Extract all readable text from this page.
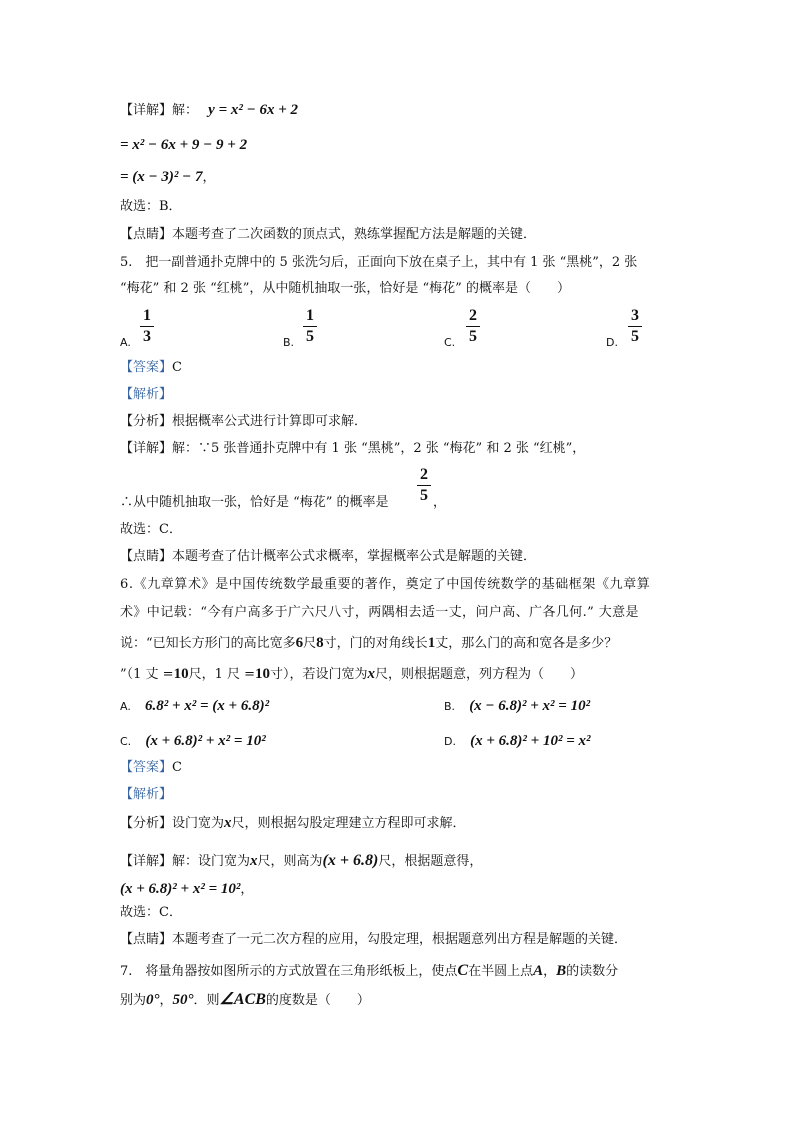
【详解】解： y = x² − 6x + 2
= x² − 6x + 9 − 9 + 2
= (x − 3)² − 7，
故选：B．
【点睛】本题考查了二次函数的顶点式，熟练掌握配方法是解题的关键．
5.　把一副普通扑克牌中的 5 张洗匀后，正面向下放在桌子上，其中有 1 张 “黑桃”，2 张
“梅花” 和 2 张 “红桃”，从中随机抽取一张，恰好是 “梅花” 的概率是（　　）
A.
1
3	B.
1
5	C.
2
5	D.
3
5
【答案】C
【解析】
【分析】根据概率公式进行计算即可求解．
【详解】解：∵5 张普通扑克牌中有 1 张 “黑桃”，2 张 “梅花” 和 2 张 “红桃”，
∴从中随机抽取一张，恰好是 “梅花” 的概率是
2
5 ，
故选：C．
【点睛】本题考查了估计概率公式求概率，掌握概率公式是解题的关键．
6.《九章算术》是中国传统数学最重要的著作，奠定了中国传统数学的基础框架《九章算
术》中记载：“今有户高多于广六尺八寸，两隅相去适一丈，问户高、广各几何.” 大意是
说：“已知长方形门的高比宽多6尺8寸，门的对角线长1丈，那么门的高和宽各是多少？
”（1 丈 =10尺，1 尺 =10寸），若设门宽为x尺，则根据题意，列方程为（　　）
A. 6.8² + x² = (x + 6.8)²	B. (x − 6.8)² + x² = 10²
C. (x + 6.8)² + x² = 10²	D. (x + 6.8)² + 10² = x²
【答案】C
【解析】
【分析】设门宽为x尺，则根据勾股定理建立方程即可求解．
【详解】解：设门宽为x尺，则高为(x + 6.8)尺，根据题意得，
(x + 6.8)² + x² = 10²，
故选：C．
【点睛】本题考查了一元二次方程的应用，勾股定理，根据题意列出方程是解题的关键．
7.　将量角器按如图所示的方式放置在三角形纸板上，使点C在半圆上点A，B的读数分
别为0°，50°．则∠ACB的度数是（　　）
